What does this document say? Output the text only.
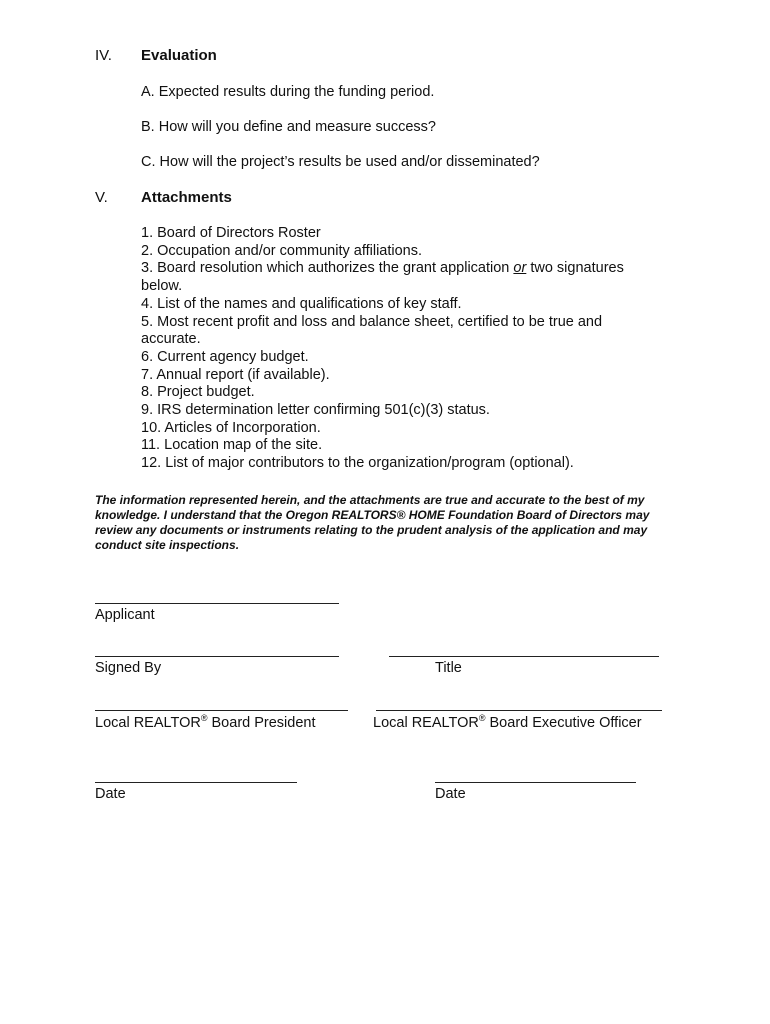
IV. Evaluation
A. Expected results during the funding period.
B. How will you define and measure success?
C. How will the project’s results be used and/or disseminated?
V. Attachments
1. Board of Directors Roster
2. Occupation and/or community affiliations.
3. Board resolution which authorizes the grant application or two signatures below.
4. List of the names and qualifications of key staff.
5. Most recent profit and loss and balance sheet, certified to be true and accurate.
6. Current agency budget.
7. Annual report (if available).
8. Project budget.
9. IRS determination letter confirming 501(c)(3) status.
10. Articles of Incorporation.
11. Location map of the site.
12. List of major contributors to the organization/program (optional).
The information represented herein, and the attachments are true and accurate to the best of my knowledge. I understand that the Oregon REALTORS® HOME Foundation Board of Directors may review any documents or instruments relating to the prudent analysis of the application and may conduct site inspections.
Applicant
Signed By	Title
Local REALTOR® Board President	Local REALTOR® Board Executive Officer
Date	Date
